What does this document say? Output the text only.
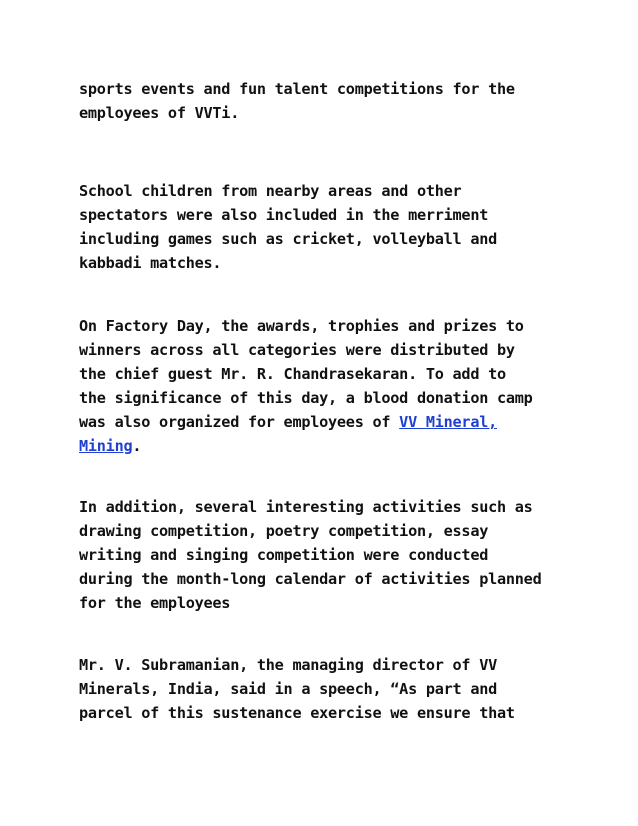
sports events and fun talent competitions for the
employees of VVTi.
School children from nearby areas and other
spectators were also included in the merriment
including games such as cricket, volleyball and
kabbadi matches.
On Factory Day, the awards, trophies and prizes to
winners across all categories were distributed by
the chief guest Mr. R. Chandrasekaran. To add to
the significance of this day, a blood donation camp
was also organized for employees of VV Mineral,
Mining.
In addition, several interesting activities such as
drawing competition, poetry competition, essay
writing and singing competition were conducted
during the month-long calendar of activities planned
for the employees
Mr. V. Subramanian, the managing director of VV
Minerals, India, said in a speech, “As part and
parcel of this sustenance exercise we ensure that
